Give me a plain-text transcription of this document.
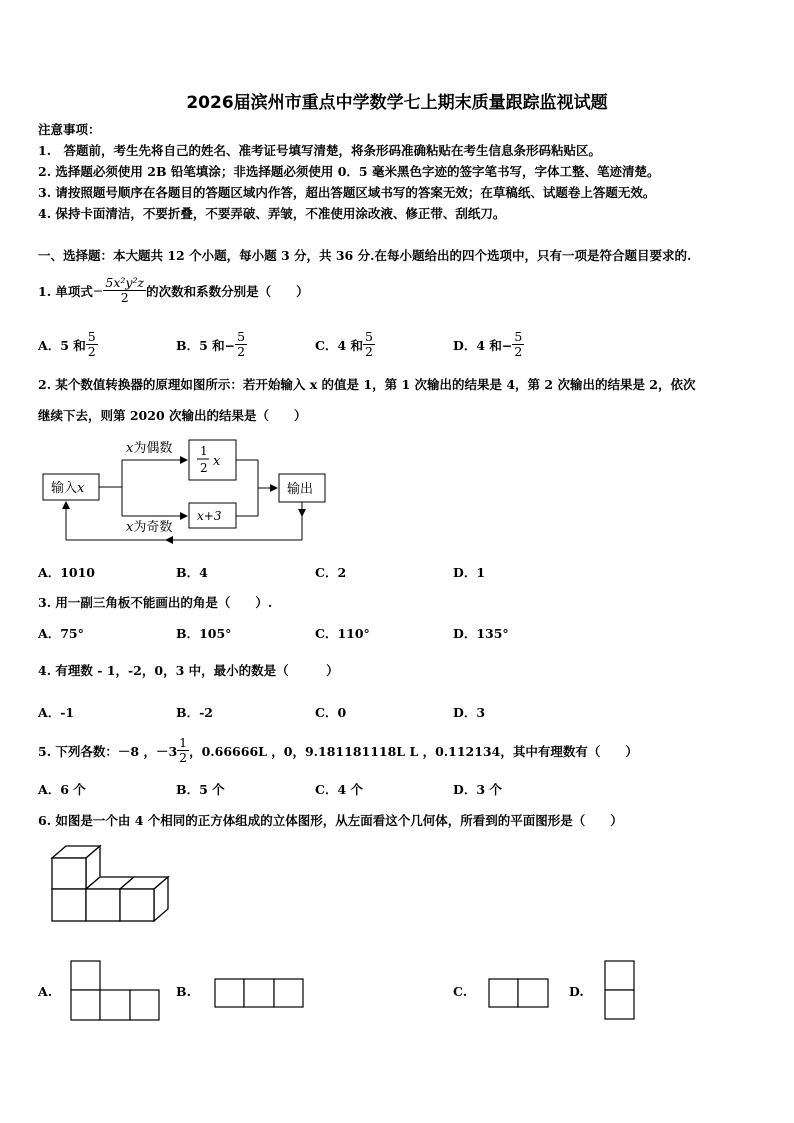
2026届滨州市重点中学数学七上期末质量跟踪监视试题
注意事项：
1.　答题前，考生先将自己的姓名、准考证号填写清楚，将条形码准确粘贴在考生信息条形码粘贴区。
2. 选择题必须使用 2B 铅笔填涂；非选择题必须使用 0．5 毫米黑色字迹的签字笔书写，字体工整、笔迹清楚。
3. 请按照题号顺序在各题目的答题区域内作答，超出答题区域书写的答案无效；在草稿纸、试题卷上答题无效。
4. 保持卡面清洁，不要折叠，不要弄破、弄皱，不准使用涂改液、修正带、刮纸刀。
一、选择题：本大题共 12 个小题，每小题 3 分，共 36 分.在每小题给出的四个选项中，只有一项是符合题目要求的.
1. 单项式 − $\frac{\text{5x²y²z}}{2}$ 的次数和系数分别是（　　）
A．5 和 $\frac{5}{2}$	B．5 和− $\frac{5}{2}$	C．4 和 $\frac{5}{2}$	D．4 和− $\frac{5}{2}$
2. 某个数值转换器的原理如图所示：若开始输入 x 的值是 1，第 1 次输出的结果是 4，第 2 次输出的结果是 2，依次
继续下去，则第 2020 次输出的结果是（　　）
输入x
x为偶数
x为奇数
1
2 x
x+3
输出
A．1010	B．4	C．2	D．1
3. 用一副三角板不能画出的角是（　　）.
A．75°	B．105°	C．110°	D．135°
4. 有理数 - 1，-2，0，3 中，最小的数是（　　　）
A．-1	B．-2	C．0	D．3
5. 下列各数：－8 ，$-3 \frac{1}{2}$ ，0.66666L ，0，9.181181118L L ，0.112134，其中有理数有（　　）
A．6 个	B．5 个	C．4 个	D．3 个
6. 如图是一个由 4 个相同的正方体组成的立体图形，从左面看这个几何体，所看到的平面图形是（　　）
A.	B.	C.	D.
